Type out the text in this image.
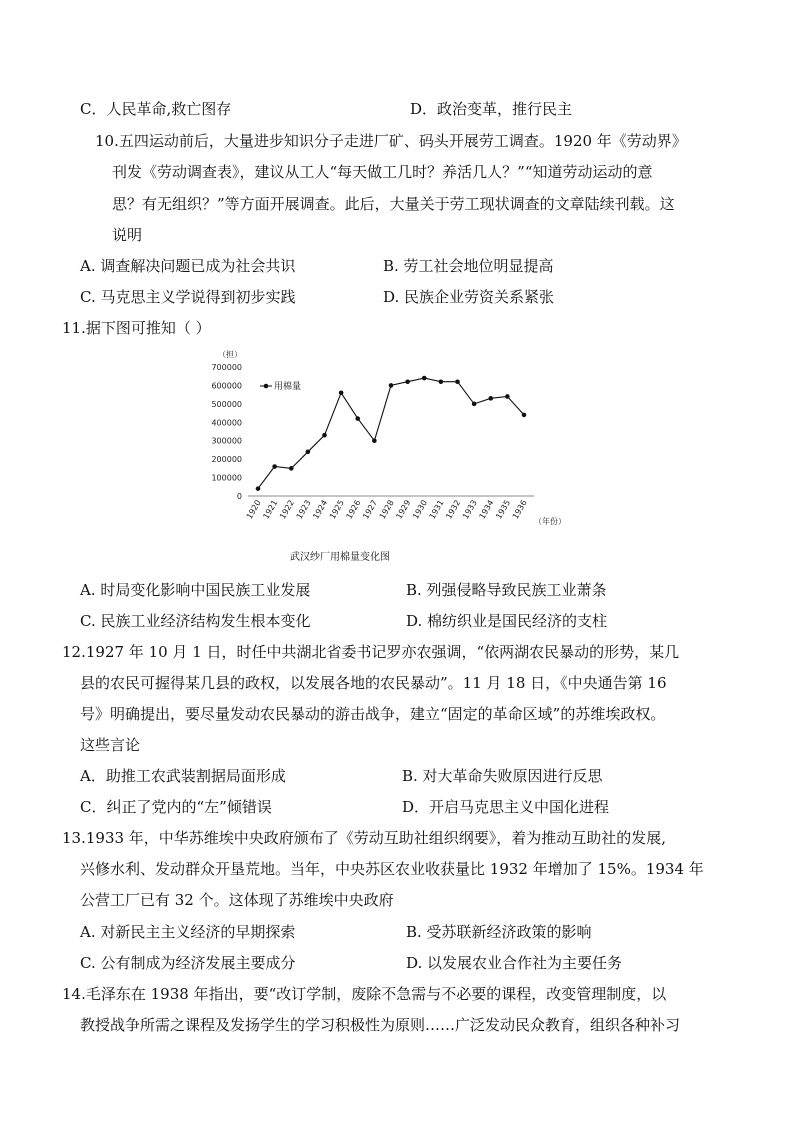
C．人民革命,救亡图存	D．政治变革，推行民主
10.五四运动前后，大量进步知识分子走进厂矿、码头开展劳工调查。1920 年《劳动界》
刊发《劳动调查表》，建议从工人“每天做工几时？养活几人？”“知道劳动运动的意
思？有无组织？”等方面开展调查。此后，大量关于劳工现状调查的文章陆续刊载。这
说明
A. 调查解决问题已成为社会共识	B. 劳工社会地位明显提高
C. 马克思主义学说得到初步实践	D. 民族企业劳资关系紧张
11.据下图可推知（ ）
（担）
0
100000
200000
300000
400000
500000
600000
700000
1920
1921
1922
1923
1924
1925
1926
1927
1928
1929
1930
1931
1932
1933
1934
1935
1936
用棉量
（年份）
武汉纱厂用棉量变化图
A. 时局变化影响中国民族工业发展	B. 列强侵略导致民族工业萧条
C. 民族工业经济结构发生根本变化	D. 棉纺织业是国民经济的支柱
12.1927 年 10 月 1 日，时任中共湖北省委书记罗亦农强调，“依两湖农民暴动的形势，某几
县的农民可握得某几县的政权，以发展各地的农民暴动”。11 月 18 日，《中央通告第 16
号》明确提出，要尽量发动农民暴动的游击战争，建立“固定的革命区域”的苏维埃政权。
这些言论
A．助推工农武装割据局面形成	B. 对大革命失败原因进行反思
C．纠正了党内的“左”倾错误	D．开启马克思主义中国化进程
13.1933 年，中华苏维埃中央政府颁布了《劳动互助社组织纲要》，着为推动互助社的发展,
兴修水利、发动群众开垦荒地。当年，中央苏区农业收获量比 1932 年增加了 15%。1934 年
公营工厂已有 32 个。这体现了苏维埃中央政府
A. 对新民主主义经济的早期探索	B. 受苏联新经济政策的影响
C. 公有制成为经济发展主要成分	D. 以发展农业合作社为主要任务
14.毛泽东在 1938 年指出，要“改订学制，废除不急需与不必要的课程，改变管理制度，以
教授战争所需之课程及发扬学生的学习积极性为原则……广泛发动民众教育，组织各种补习
